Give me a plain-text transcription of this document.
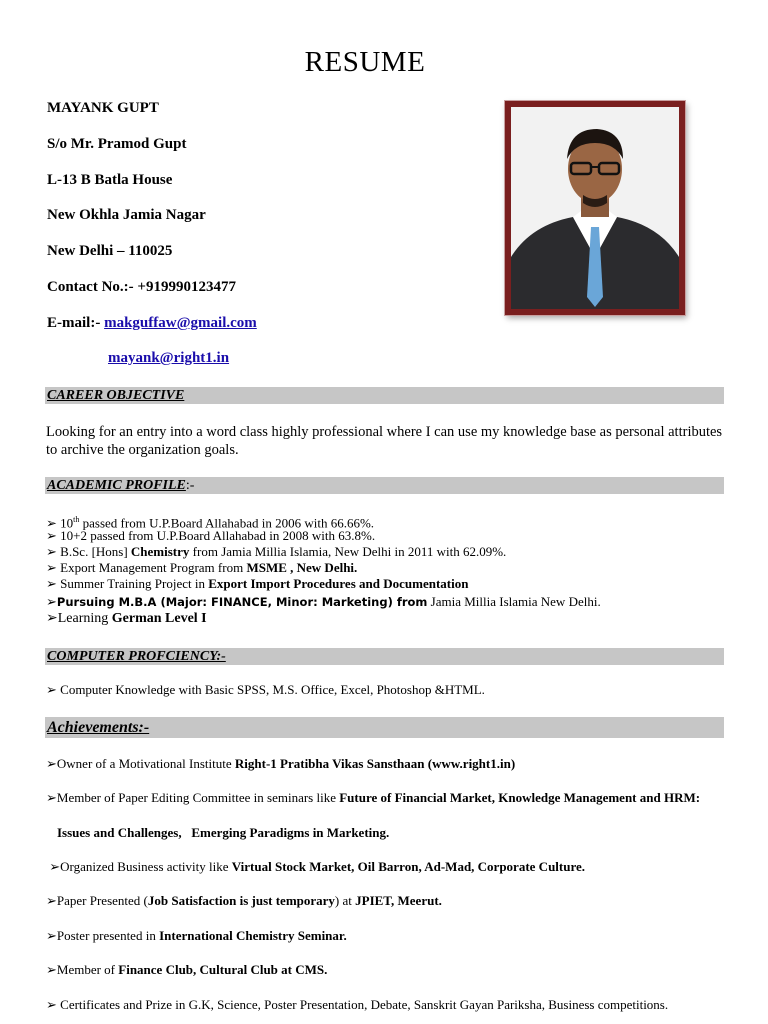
RESUME
MAYANK GUPT
S/o Mr. Pramod Gupt
L-13 B Batla House
New Okhla Jamia Nagar
New Delhi – 110025
Contact No.:- +919990123477
E-mail:- makguffaw@gmail.com
mayank@right1.in
CAREER OBJECTIVE
Looking for an entry into a word class highly professional where I can use my knowledge base as personal attributes to archive the organization goals.
ACADEMIC PROFILE:-
➢ 10th passed from U.P.Board Allahabad in 2006 with 66.66%.
➢ 10+2 passed from U.P.Board Allahabad in 2008 with 63.8%.
➢ B.Sc. [Hons] Chemistry from Jamia Millia Islamia, New Delhi in 2011 with 62.09%.
➢ Export Management Program from MSME , New Delhi.
➢ Summer Training Project in Export Import Procedures and Documentation
➢Pursuing M.B.A (Major: FINANCE, Minor: Marketing) from Jamia Millia Islamia New Delhi.
➢Learning German Level I
COMPUTER PROFCIENCY:-
➢ Computer Knowledge with Basic SPSS, M.S. Office, Excel, Photoshop &HTML.
Achievements:-
➢Owner of a Motivational Institute Right-1 Pratibha Vikas Sansthaan (www.right1.in)
➢Member of Paper Editing Committee in seminars like Future of Financial Market, Knowledge Management and HRM:
Issues and Challenges,   Emerging Paradigms in Marketing.
➢Organized Business activity like Virtual Stock Market, Oil Barron, Ad-Mad, Corporate Culture.
➢Paper Presented (Job Satisfaction is just temporary) at JPIET, Meerut.
➢Poster presented in International Chemistry Seminar.
➢Member of Finance Club, Cultural Club at CMS.
➢ Certificates and Prize in G.K, Science, Poster Presentation, Debate, Sanskrit Gayan Pariksha, Business competitions.
